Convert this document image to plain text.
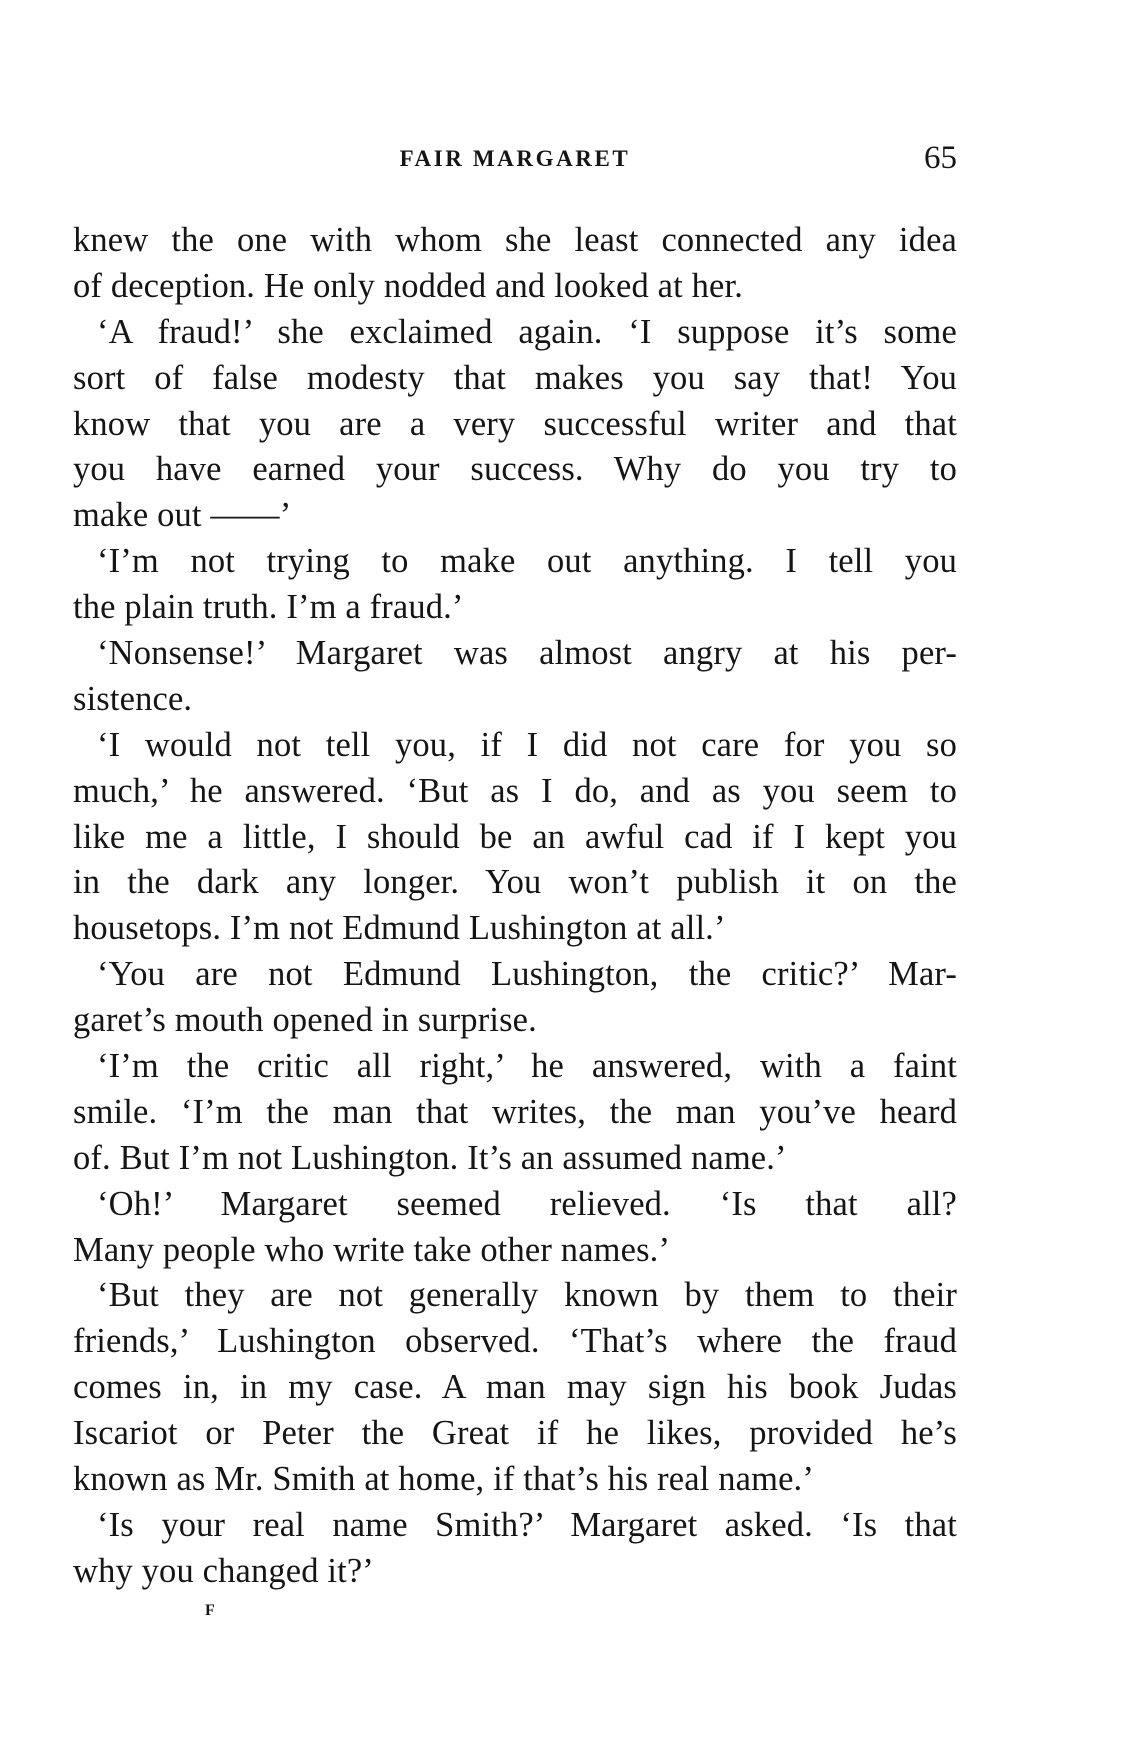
FAIR MARGARET	65
knew the one with whom she least connected any idea
of deception. He only nodded and looked at her.
‘A fraud!’ she exclaimed again. ‘I suppose it’s some
sort of false modesty that makes you say that! You
know that you are a very successful writer and that
you have earned your success. Why do you try to
make out ——’
‘I’m not trying to make out anything. I tell you
the plain truth. I’m a fraud.’
‘Nonsense!’ Margaret was almost angry at his per-
sistence.
‘I would not tell you, if I did not care for you so
much,’ he answered. ‘But as I do, and as you seem to
like me a little, I should be an awful cad if I kept you
in the dark any longer. You won’t publish it on the
housetops. I’m not Edmund Lushington at all.’
‘You are not Edmund Lushington, the critic?’ Mar-
garet’s mouth opened in surprise.
‘I’m the critic all right,’ he answered, with a faint
smile. ‘I’m the man that writes, the man you’ve heard
of. But I’m not Lushington. It’s an assumed name.’
‘Oh!’ Margaret seemed relieved. ‘Is that all?
Many people who write take other names.’
‘But they are not generally known by them to their
friends,’ Lushington observed. ‘That’s where the fraud
comes in, in my case. A man may sign his book Judas
Iscariot or Peter the Great if he likes, provided he’s
known as Mr. Smith at home, if that’s his real name.’
‘Is your real name Smith?’ Margaret asked. ‘Is that
why you changed it?’
F
